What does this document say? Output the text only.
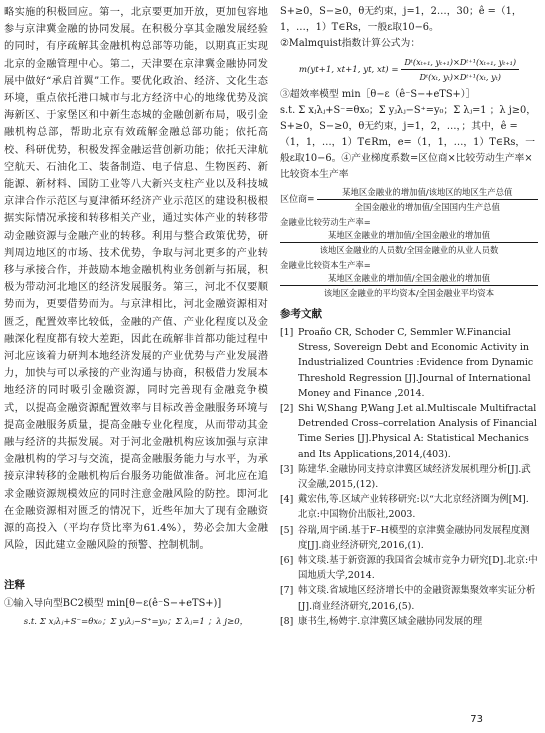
略实施的积极回应。第一，北京要更加开放，更加包容地参与京津冀金融的协同发展。在积极分享其金融发展经验的同时，有序疏解其金融机构总部等功能，以期真正实现北京的金融管理中心。第二，天津要在京津冀金融协同发展中做好“承启首翼”工作。要优化政治、经济、文化生态环境，重点依托港口城市与北方经济中心的地缘优势及滨海新区、于家堡区和中新生态城的金融创新布局，吸引金融机构总部，帮助北京有效疏解金融总部功能；依托高校、科研优势，积极发挥金融运营创新功能；依托天津航空航天、石油化工、装备制造、电子信息、生物医药、新能源、新材料、国防工业等八大新兴支柱产业以及科技城京津合作示范区与夏津循环经济产业示范区的建设积极根据实际情况承接和转移相关产业，通过实体产业的转移带动金融资源与金融产业的转移。利用与整合政策优势，研判周边地区的市场、技术优势，争取与河北更多的产业转移与承接合作，并鼓励本地金融机构业务创新与拓展，积极为带动河北地区的经济发展服务。第三，河北不仅要顺势而为，更要借势而为。与京津相比，河北金融资源相对匮乏，配置效率比较低，金融的产值、产业化程度以及金融深化程度都有较大差距，因此在疏解非首都功能过程中河北应该着力研判本地经济发展的产业优势与产业发展潜力，加快与可以承接的产业沟通与协商，积极借力发展本地经济的同时吸引金融资源，同时完善现有金融竞争模式，以提高金融资源配置效率与目标改善金融服务环境与提高金融服务质量，提高金融专业化程度，从而带动其金融与经济的共振发展。对于河北金融机构应该加强与京津金融机构的学习与交流，提高金融服务能力与水平，为承接京津转移的金融机构后台服务功能做准备。河北应在追求金融资源规模效应的同时注意金融风险的防控。即河北在金融资源相对匮乏的情况下，近些年加大了现有金融资源的高投入（平均存贷比率为61.4%），势必会加大金融风险，因此建立金融风险的预警、控制机制。
注释
①输入导向型BC2模型 min[θ−ε(ê⁻S−+eTS+)]
s.t. Σ xⱼλⱼ+S⁻=θx₀；Σ yⱼλⱼ−S⁺=y₀；Σ λⱼ=1 ；λ j≥0，
S+≥0，S−≥0，θ无约束，j=1，2…，30；ê =（1，1，…，1）T∈Rs，一般ε取10−6。
②Malmquist指数计算公式为：
m(yt+1, xt+1, yt, $xt) = \frac{\text{Dᵗ(xₜ₊₁, yₜ₊₁)×Dᵗ⁺¹(xₜ₊₁, yₜ₊₁)}}{\text{Dᵗ(xₜ, yₜ)×Dᵗ⁺¹(xₜ, yₜ)}}$
③超效率模型 min［θ−ε（ê⁻S−+eTS+）］
s.t. Σ xⱼλⱼ+S⁻=θx₀；Σ yⱼλⱼ−S⁺=y₀；Σ λⱼ=1 ；λ j≥0，S+≥0，S−≥0，θ无约束，j=1，2，…，；其中，ê =（1，1，…，1）T∈Rm，e=（1，1，…，1）T∈Rs，一般ε取10−6。④产业梯度系数=区位商×比较劳动生产率×比较资本生产率
区位商= $\frac{\text{某地区金融业的增加值/该地区的地区生产总值}}{\text{全国金融业的增加值/全国国内生产总值}}$
金融业比较劳动生产率=
某地区金融业的增加值/全国金融业的增加值
该地区金融业的人员数/全国金融业的从业人员数
金融业比较资本生产率=
某地区金融业的增加值/全国金融业的增加值
该地区金融业的平均资本/全国金融业平均资本
参考文献
[1] Proaño CR, Schoder C, Semmler W.Financial Stress, Sovereign Debt and Economic Activity in Industrialized Countries :Evidence from Dynamic Threshold Regression [J].Journal of International Money and Finance ,2014.
[2] Shi W,Shang P,Wang J.et al.Multiscale Multifractal Detrended Cross–correlation Analysis of Financial Time Series [J].Physical A: Statistical Mechanics and Its Applications,2014,(403).
[3] 陈建华.金融协同支持京津冀区域经济发展机理分析[J].武汉金融,2015,(12).
[4] 戴宏伟,等.区域产业转移研究:以“大北京经济圈为例[M].北京:中国物价出版社,2003.
[5] 谷瑞,周宇函.基于F–H模型的京津冀金融协同发展程度测度[J].商业经济研究,2016,(1).
[6] 韩文琰.基于新资源的我国省会城市竞争力研究[D].北京:中国地质大学,2014.
[7] 韩文琰.省域地区经济增长中的金融资源集聚效率实证分析[J].商业经济研究,2016,(5).
[8] 康书生,杨娉宇.京津冀区域金融协同发展的理
73
